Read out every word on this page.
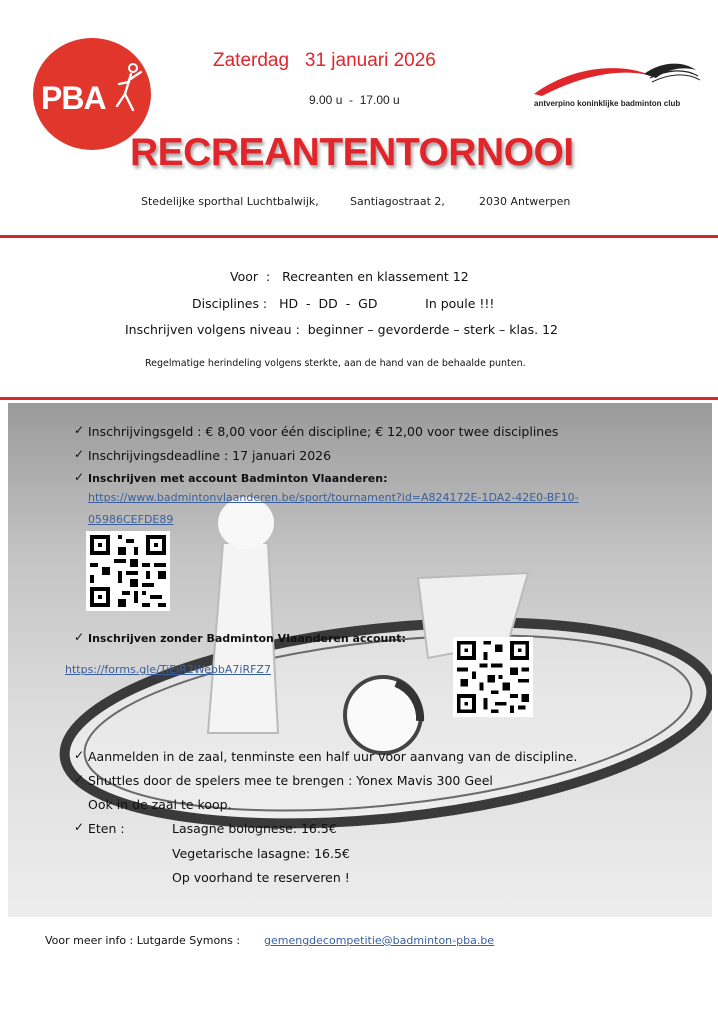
PBA
Zaterdag   31 januari 2026
9.00 u  -  17.00 u	antverpino koninklijke badminton club
RECREANTENTORNOOI
Stedelijke sporthal Luchtbalwijk,	Santiagostraat 2,	2030 Antwerpen
Voor  :   Recreanten en klassement 12
Disciplines :   HD  -  DD  -  GD            In poule !!!
Inschrijven volgens niveau :  beginner – gevorderde – sterk – klas. 12
Regelmatige herindeling volgens sterkte, aan de hand van de behaalde punten.
✓ Inschrijvingsgeld : € 8,00 voor één discipline; € 12,00 voor twee disciplines
✓ Inschrijvingsdeadline : 17 januari 2026
✓ Inschrijven met account Badminton Vlaanderen:
https://www.badmintonvlaanderen.be/sport/tournament?id=A824172E-1DA2-42E0-BF10-
05986CEFDE89
✓ Inschrijven zonder Badminton Vlaanderen account:
https://forms.gle/TiEiR2WebbA7iRFZ7
✓ Aanmelden in de zaal, tenminste een half uur voor aanvang van de discipline.
✓ Shuttles door de spelers mee te brengen : Yonex Mavis 300 Geel
Ook in de zaal te koop.
✓ Eten :	Lasagne bolognese: 16.5€
Vegetarische lasagne: 16.5€
Op voorhand te reserveren !
Voor meer info : Lutgarde Symons : gemengdecompetitie@badminton-pba.be
